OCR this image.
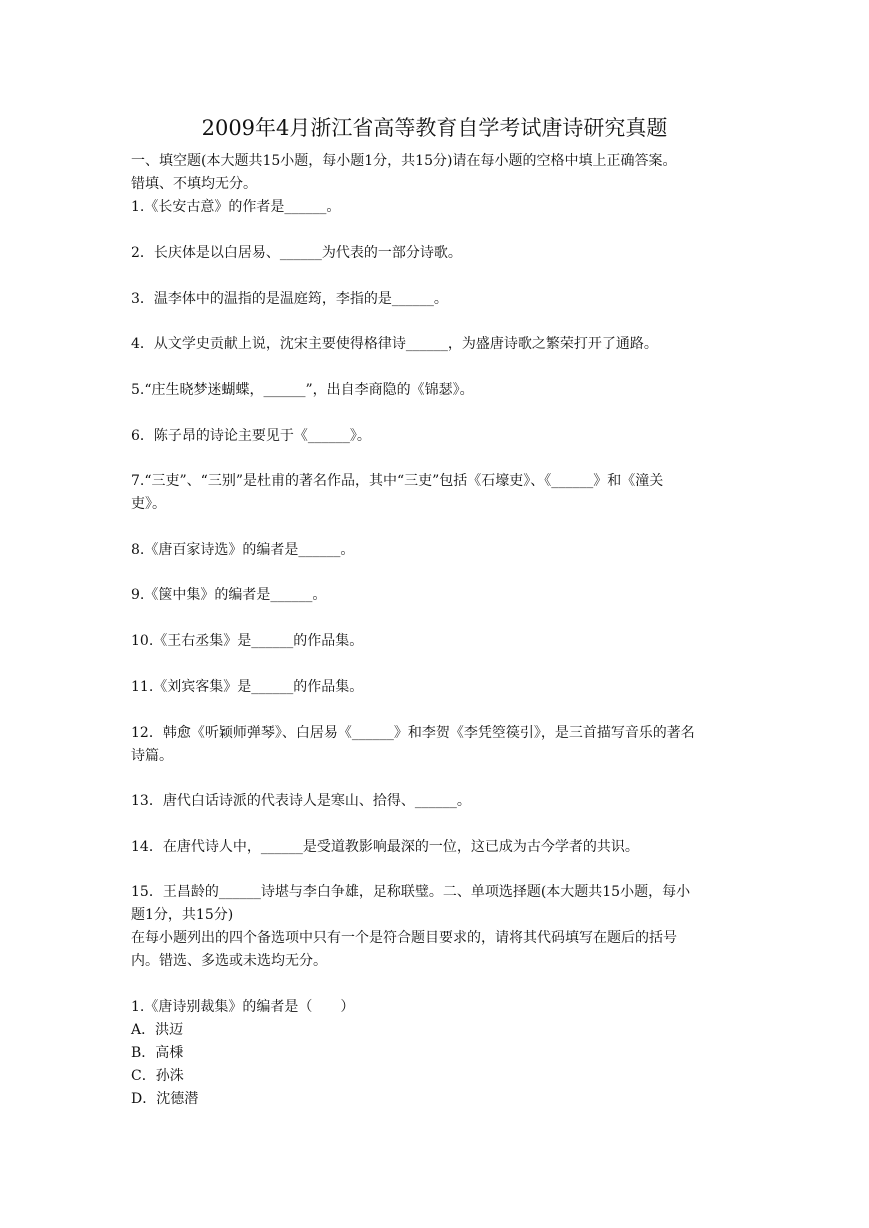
2009年4月浙江省高等教育自学考试唐诗研究真题

一、填空题(本大题共15小题，每小题1分，共15分)请在每小题的空格中填上正确答案。

错填、不填均无分。

1.《长安古意》的作者是______。

2．长庆体是以白居易、______为代表的一部分诗歌。

3．温李体中的温指的是温庭筠，李指的是______。

4．从文学史贡献上说，沈宋主要使得格律诗______，为盛唐诗歌之繁荣打开了通路。

5.“庄生晓梦迷蝴蝶，______”，出自李商隐的《锦瑟》。

6．陈子昂的诗论主要见于《______》。

7.“三吏”、“三别”是杜甫的著名作品，其中“三吏”包括《石壕吏》、《______》和《潼关

吏》。

8.《唐百家诗选》的编者是______。

9.《箧中集》的编者是______。

10.《王右丞集》是______的作品集。

11.《刘宾客集》是______的作品集。

12．韩愈《听颖师弹琴》、白居易《______》和李贺《李凭箜篌引》，是三首描写音乐的著名

诗篇。

13．唐代白话诗派的代表诗人是寒山、拾得、______。

14．在唐代诗人中，______是受道教影响最深的一位，这已成为古今学者的共识。

15．王昌龄的______诗堪与李白争雄，足称联璧。二、单项选择题(本大题共15小题，每小

题1分，共15分)

在每小题列出的四个备选项中只有一个是符合题目要求的，请将其代码填写在题后的括号

内。错选、多选或未选均无分。

1.《唐诗别裁集》的编者是（　　）

A．洪迈

B．高棅

C．孙洙

D．沈德潜
